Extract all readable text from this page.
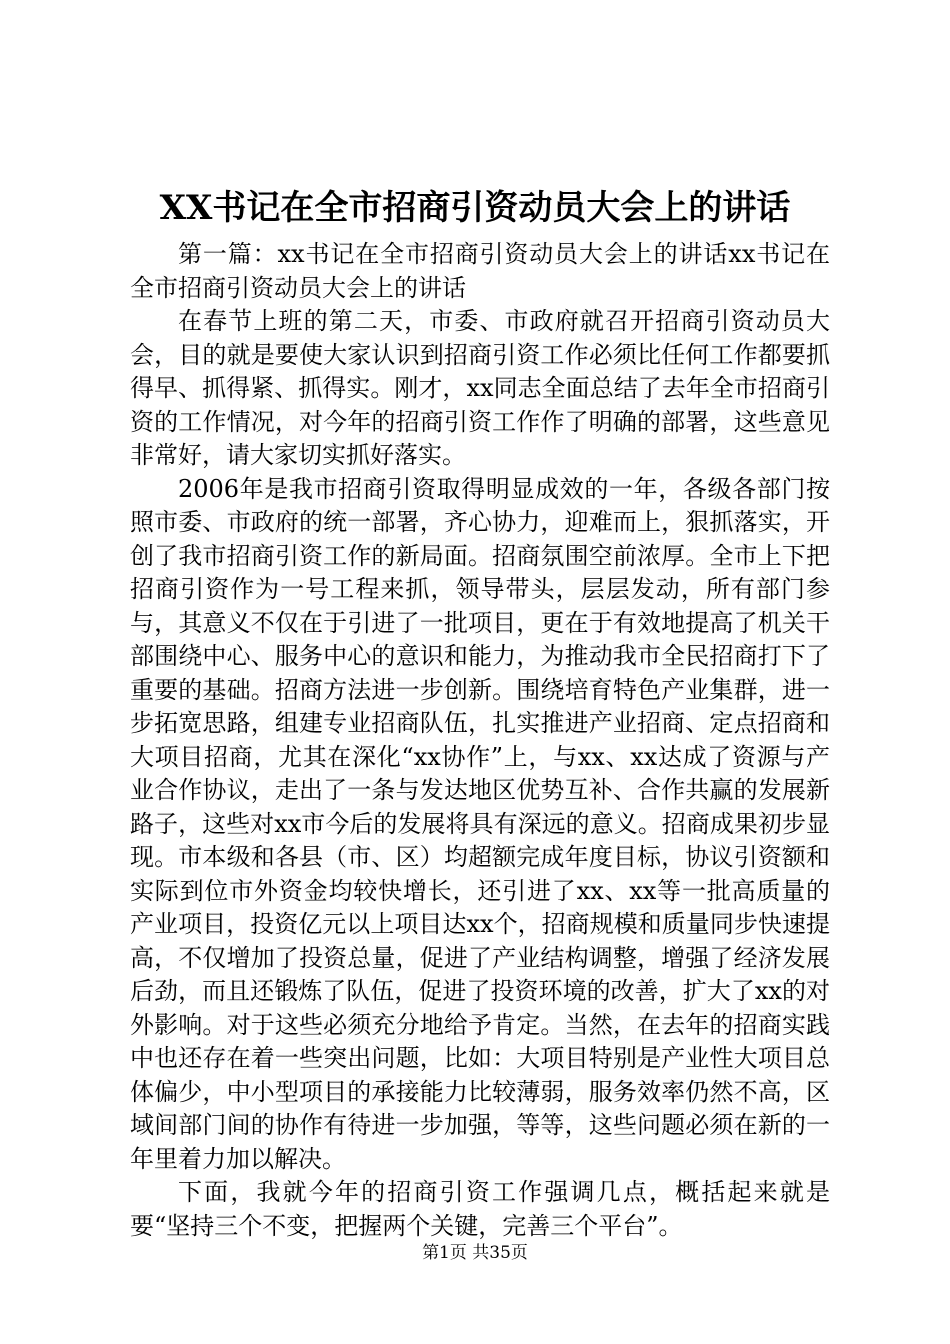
XX书记在全市招商引资动员大会上的讲话

第一篇：xx书记在全市招商引资动员大会上的讲话xx书记在全市招商引资动员大会上的讲话

在春节上班的第二天，市委、市政府就召开招商引资动员大会，目的就是要使大家认识到招商引资工作必须比任何工作都要抓得早、抓得紧、抓得实。刚才，xx同志全面总结了去年全市招商引资的工作情况，对今年的招商引资工作作了明确的部署，这些意见非常好，请大家切实抓好落实。

2006年是我市招商引资取得明显成效的一年，各级各部门按照市委、市政府的统一部署，齐心协力，迎难而上，狠抓落实，开创了我市招商引资工作的新局面。招商氛围空前浓厚。全市上下把招商引资作为一号工程来抓，领导带头，层层发动，所有部门参与，其意义不仅在于引进了一批项目，更在于有效地提高了机关干部围绕中心、服务中心的意识和能力，为推动我市全民招商打下了重要的基础。招商方法进一步创新。围绕培育特色产业集群，进一步拓宽思路，组建专业招商队伍，扎实推进产业招商、定点招商和大项目招商，尤其在深化“xx协作”上，与xx、xx达成了资源与产业合作协议，走出了一条与发达地区优势互补、合作共赢的发展新路子，这些对xx市今后的发展将具有深远的意义。招商成果初步显现。市本级和各县（市、区）均超额完成年度目标，协议引资额和实际到位市外资金均较快增长，还引进了xx、xx等一批高质量的产业项目，投资亿元以上项目达xx个，招商规模和质量同步快速提高，不仅增加了投资总量，促进了产业结构调整，增强了经济发展后劲，而且还锻炼了队伍，促进了投资环境的改善，扩大了xx的对外影响。对于这些必须充分地给予肯定。当然，在去年的招商实践中也还存在着一些突出问题，比如：大项目特别是产业性大项目总体偏少，中小型项目的承接能力比较薄弱，服务效率仍然不高，区域间部门间的协作有待进一步加强，等等，这些问题必须在新的一年里着力加以解决。

下面，我就今年的招商引资工作强调几点，概括起来就是要“坚持三个不变，把握两个关键，完善三个平台”。

第1页 共35页
